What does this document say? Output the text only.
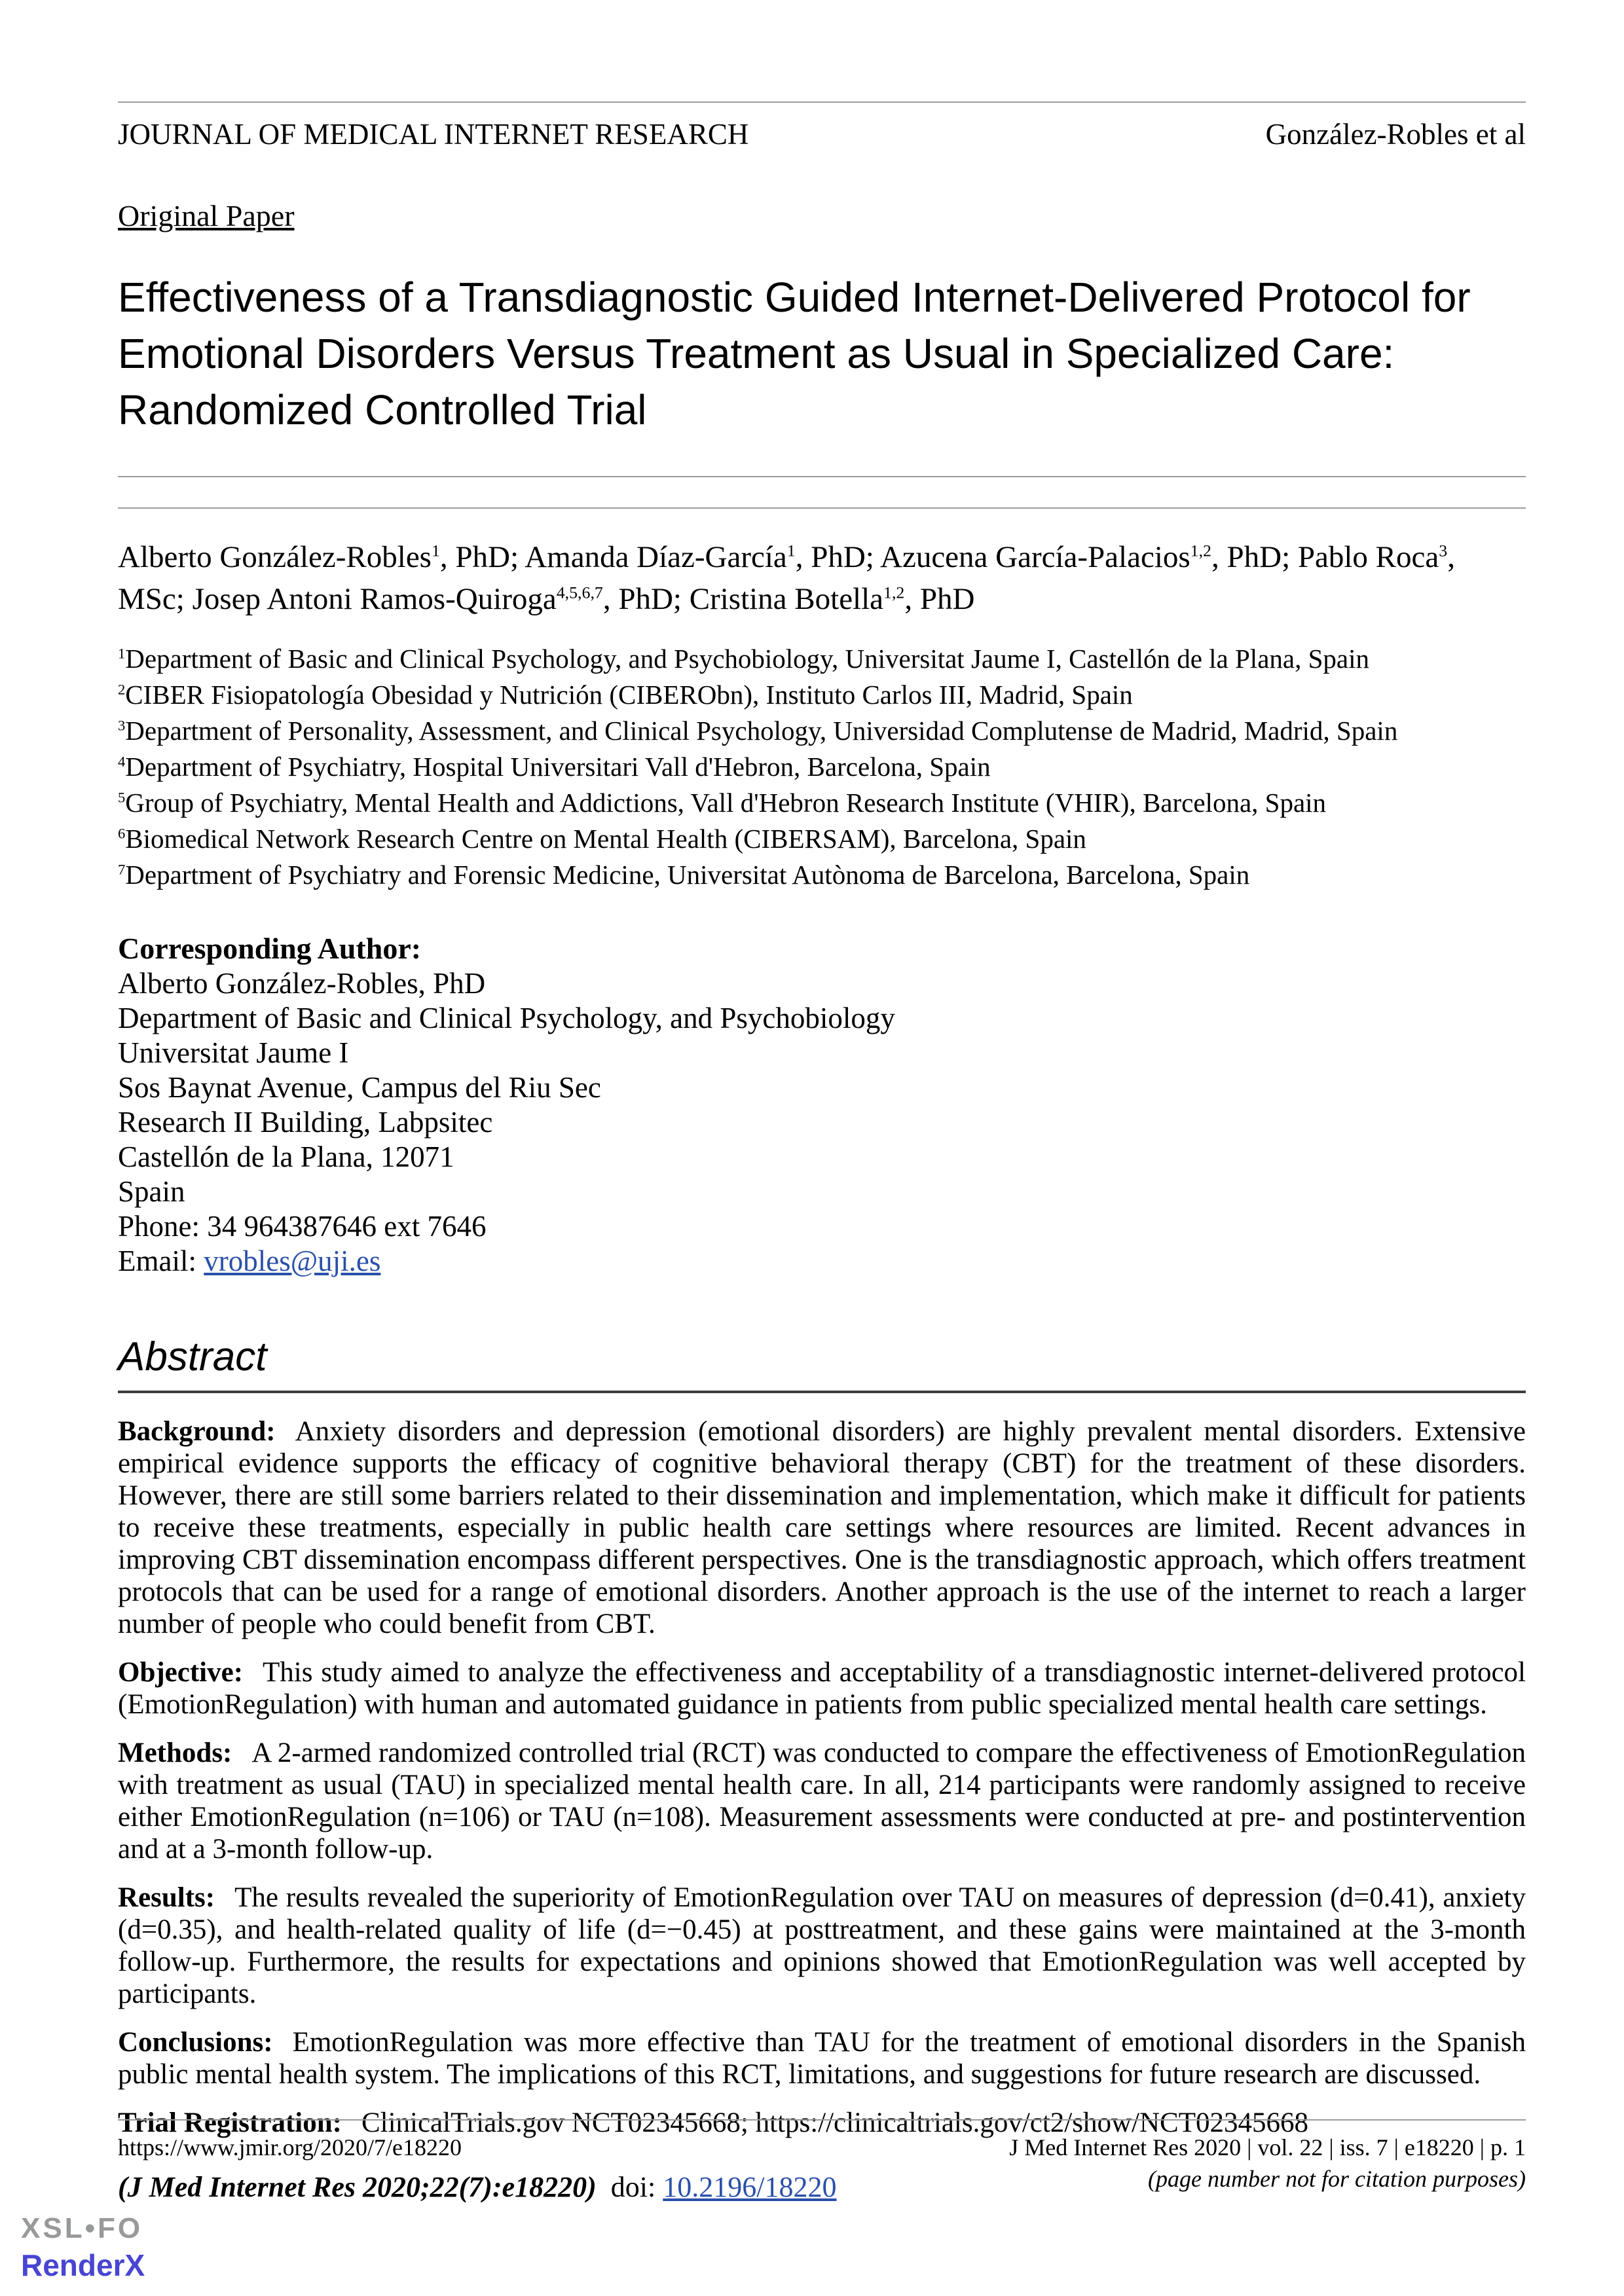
JOURNAL OF MEDICAL INTERNET RESEARCH	González-Robles et al
Original Paper
Effectiveness of a Transdiagnostic Guided Internet-Delivered Protocol for Emotional Disorders Versus Treatment as Usual in Specialized Care: Randomized Controlled Trial

Alberto González-Robles$^1$, PhD; Amanda Díaz-García$^1$, PhD; Azucena García-Palacios$^{1,2}$, PhD; Pablo Roca$^3$, MSc; Josep Antoni Ramos-Quiroga$^{4,5,6,7}$, PhD; Cristina Botella$^{1,2}$, PhD

$^1$Department of Basic and Clinical Psychology, and Psychobiology, Universitat Jaume I, Castellón de la Plana, Spain
$^2$CIBER Fisiopatología Obesidad y Nutrición (CIBERObn), Instituto Carlos III, Madrid, Spain
$^3$Department of Personality, Assessment, and Clinical Psychology, Universidad Complutense de Madrid, Madrid, Spain
$^4$Department of Psychiatry, Hospital Universitari Vall d'Hebron, Barcelona, Spain
$^5$Group of Psychiatry, Mental Health and Addictions, Vall d'Hebron Research Institute (VHIR), Barcelona, Spain
$^6$Biomedical Network Research Centre on Mental Health (CIBERSAM), Barcelona, Spain
$^7$Department of Psychiatry and Forensic Medicine, Universitat Autònoma de Barcelona, Barcelona, Spain

Corresponding Author:

Alberto González-Robles, PhD

Department of Basic and Clinical Psychology, and Psychobiology

Universitat Jaume I

Sos Baynat Avenue, Campus del Riu Sec

Research II Building, Labpsitec

Castellón de la Plana, 12071

Spain

Phone: 34 964387646 ext 7646

Email: vrobles@uji.es

Abstract

Background: Anxiety disorders and depression (emotional disorders) are highly prevalent mental disorders. Extensive empirical evidence supports the efficacy of cognitive behavioral therapy (CBT) for the treatment of these disorders. However, there are still some barriers related to their dissemination and implementation, which make it difficult for patients to receive these treatments, especially in public health care settings where resources are limited. Recent advances in improving CBT dissemination encompass different perspectives. One is the transdiagnostic approach, which offers treatment protocols that can be used for a range of emotional disorders. Another approach is the use of the internet to reach a larger number of people who could benefit from CBT.

Objective: This study aimed to analyze the effectiveness and acceptability of a transdiagnostic internet-delivered protocol (EmotionRegulation) with human and automated guidance in patients from public specialized mental health care settings.

Methods: A 2-armed randomized controlled trial (RCT) was conducted to compare the effectiveness of EmotionRegulation with treatment as usual (TAU) in specialized mental health care. In all, 214 participants were randomly assigned to receive either EmotionRegulation (n=106) or TAU (n=108). Measurement assessments were conducted at pre- and postintervention and at a 3-month follow-up.

Results: The results revealed the superiority of EmotionRegulation over TAU on measures of depression (d=0.41), anxiety (d=0.35), and health-related quality of life (d=−0.45) at posttreatment, and these gains were maintained at the 3-month follow-up. Furthermore, the results for expectations and opinions showed that EmotionRegulation was well accepted by participants.

Conclusions: EmotionRegulation was more effective than TAU for the treatment of emotional disorders in the Spanish public mental health system. The implications of this RCT, limitations, and suggestions for future research are discussed.

Trial Registration: ClinicalTrials.gov NCT02345668; https://clinicaltrials.gov/ct2/show/NCT02345668

(J Med Internet Res 2020;22(7):e18220) doi: 10.2196/18220

https://www.jmir.org/2020/7/e18220	J Med Internet Res 2020 | vol. 22 | iss. 7 | e18220 | p. 1
(page number not for citation purposes)
XSL•FO
RenderX
